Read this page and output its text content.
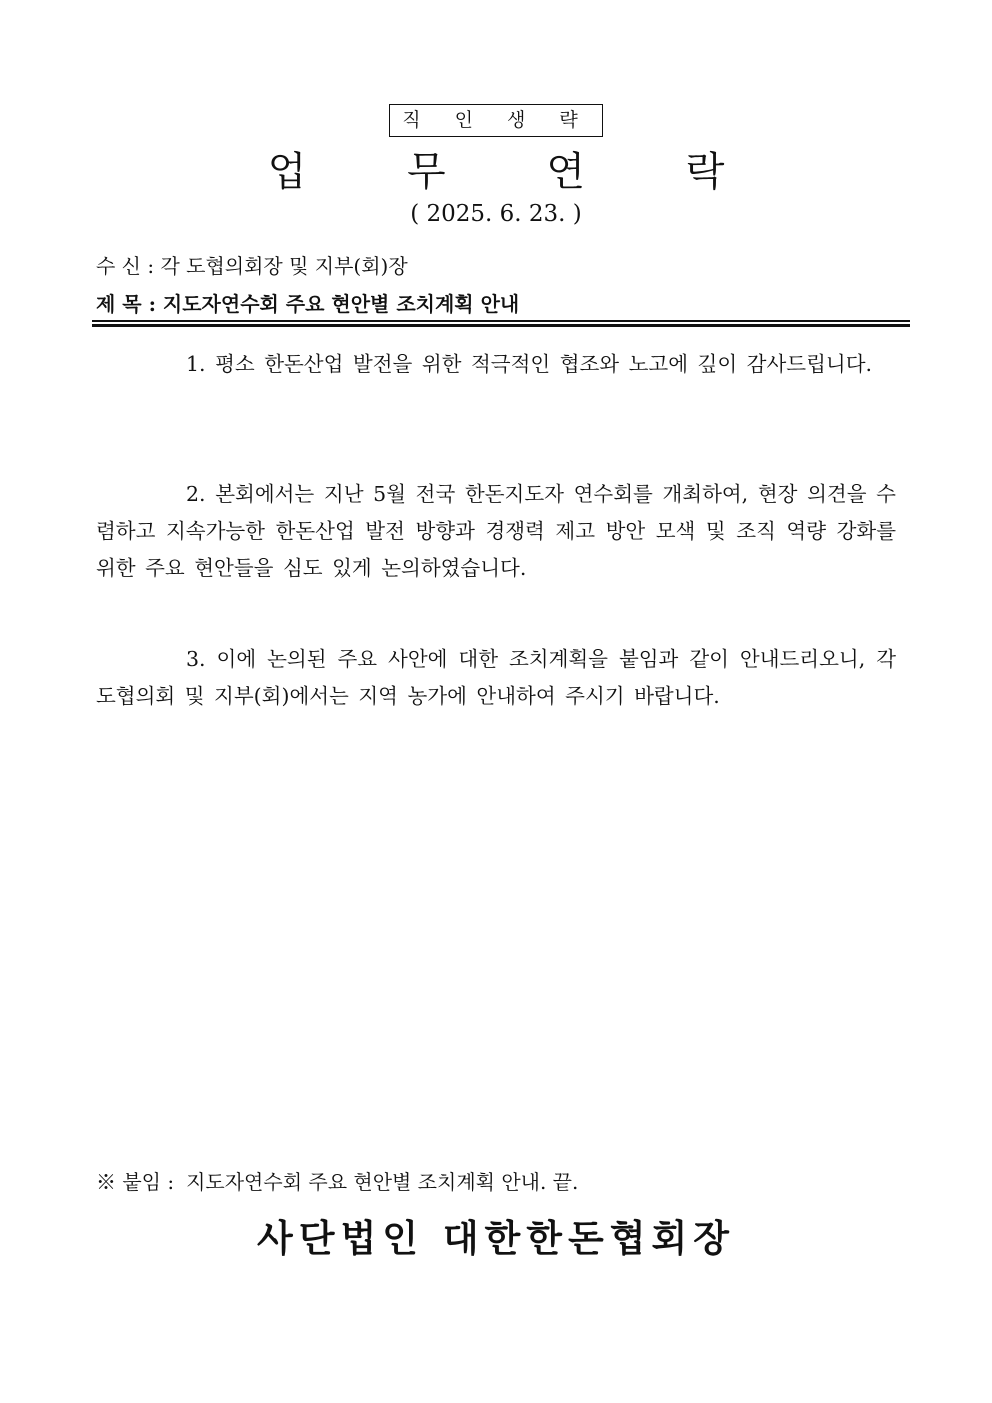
직 인 생 략
업 무 연 락
( 2025. 6. 23. )
수 신 : 각 도협의회장 및 지부(회)장
제 목 : 지도자연수회 주요 현안별 조치계획 안내

1. 평소 한돈산업 발전을 위한 적극적인 협조와 노고에 깊이 감사드립니다.

2. 본회에서는 지난 5월 전국 한돈지도자 연수회를 개최하여, 현장 의견을 수렴하고 지속가능한 한돈산업 발전 방향과 경쟁력 제고 방안 모색 및 조직 역량 강화를 위한 주요 현안들을 심도 있게 논의하였습니다.

3. 이에 논의된 주요 사안에 대한 조치계획을 붙임과 같이 안내드리오니, 각 도협의회 및 지부(회)에서는 지역 농가에 안내하여 주시기 바랍니다.

※ 붙임 : 지도자연수회 주요 현안별 조치계획 안내. 끝.
사단법인 대한한돈협회장
